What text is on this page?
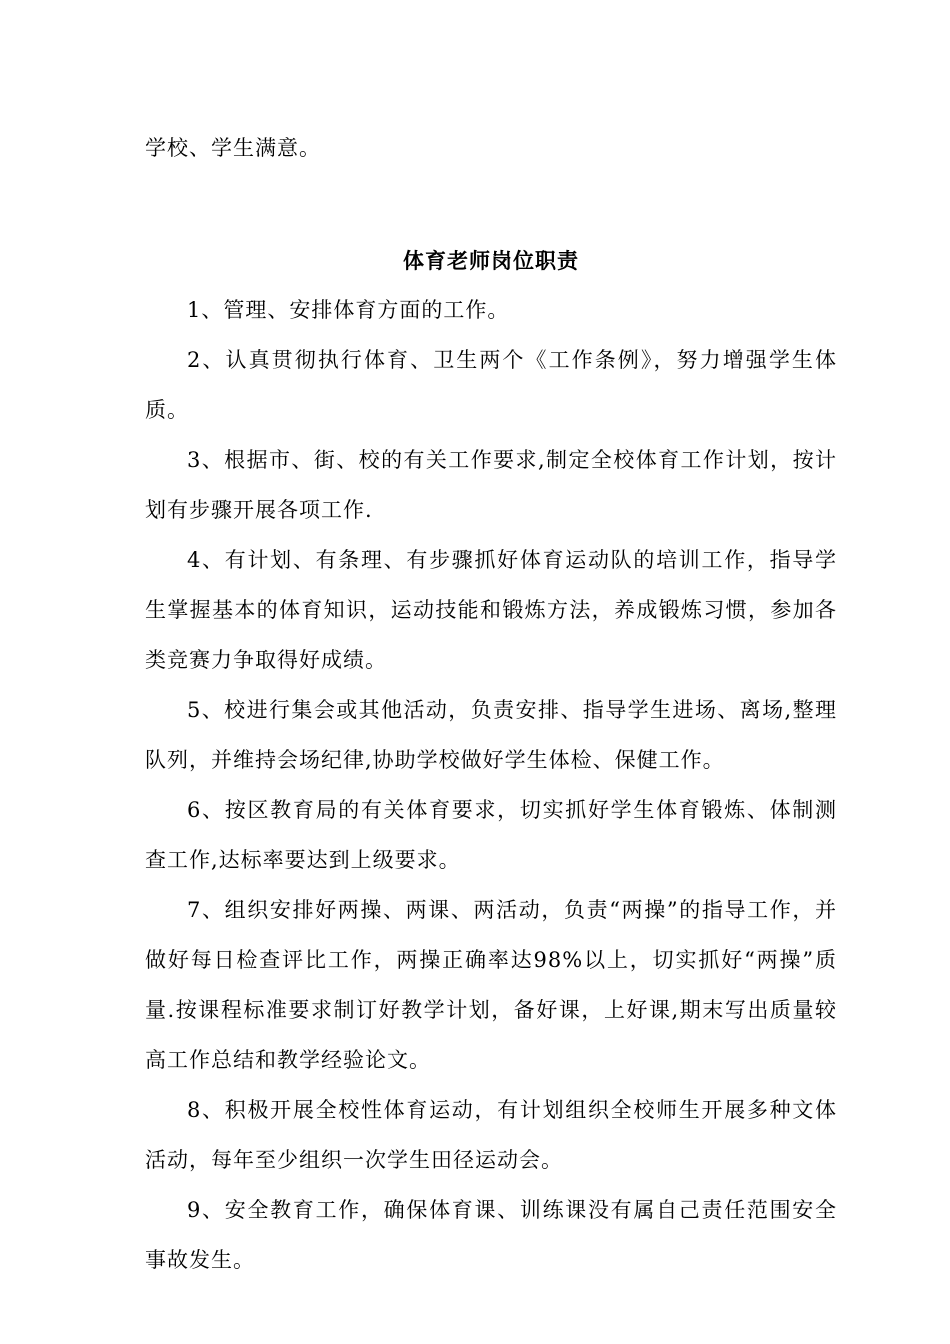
学校、学生满意。

体育老师岗位职责

1、管理、安排体育方面的工作。

2、认真贯彻执行体育、卫生两个《工作条例》，努力增强学生体质。

3、根据市、街、校的有关工作要求,制定全校体育工作计划，按计划有步骤开展各项工作.

4、有计划、有条理、有步骤抓好体育运动队的培训工作，指导学生掌握基本的体育知识，运动技能和锻炼方法，养成锻炼习惯，参加各类竞赛力争取得好成绩。

5、校进行集会或其他活动，负责安排、指导学生进场、离场,整理队列，并维持会场纪律,协助学校做好学生体检、保健工作。

6、按区教育局的有关体育要求，切实抓好学生体育锻炼、体制测查工作,达标率要达到上级要求。

7、组织安排好两操、两课、两活动，负责“两操”的指导工作，并做好每日检查评比工作，两操正确率达98%以上，切实抓好“两操”质量.按课程标准要求制订好教学计划，备好课，上好课,期末写出质量较高工作总结和教学经验论文。

8、积极开展全校性体育运动，有计划组织全校师生开展多种文体活动，每年至少组织一次学生田径运动会。

9、安全教育工作，确保体育课、训练课没有属自己责任范围安全事故发生。
